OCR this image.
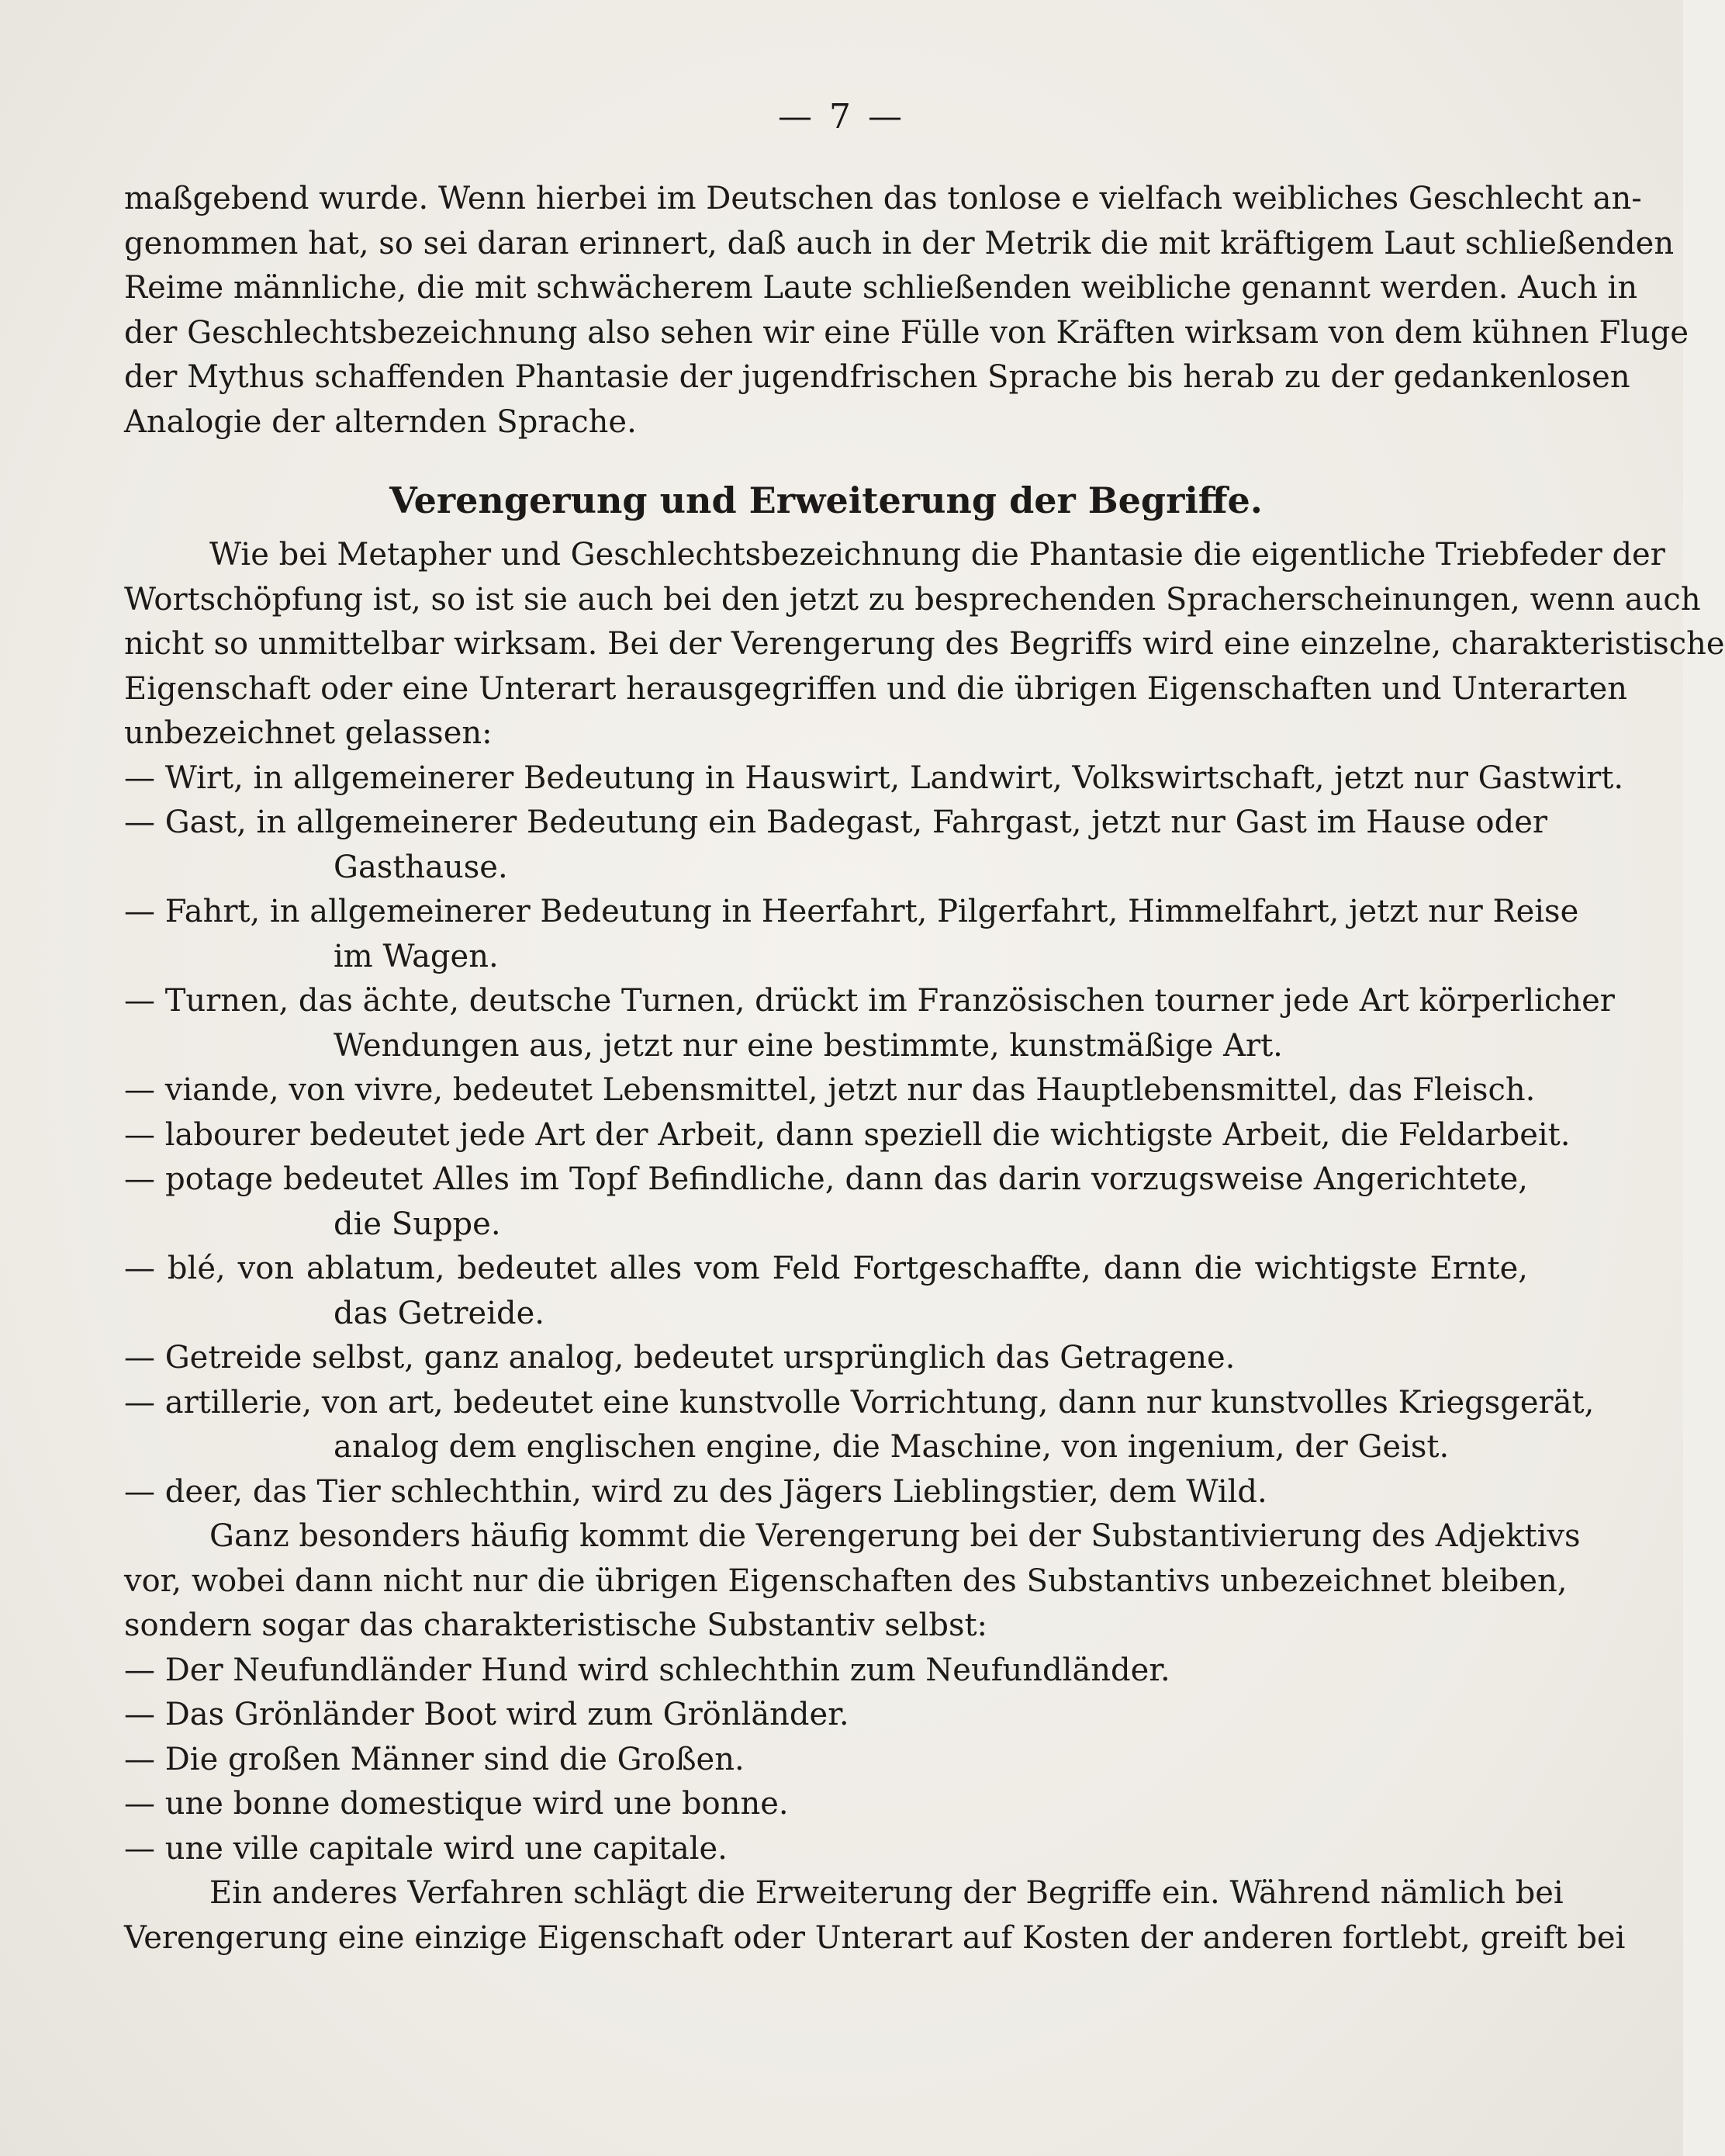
— 7 —
maßgebend wurde. Wenn hierbei im Deutschen das tonlose e vielfach weibliches Geschlecht an-
genommen hat, so sei daran erinnert, daß auch in der Metrik die mit kräftigem Laut schließenden
Reime männliche, die mit schwächerem Laute schließenden weibliche genannt werden. Auch in
der Geschlechtsbezeichnung also sehen wir eine Fülle von Kräften wirksam von dem kühnen Fluge
der Mythus schaffenden Phantasie der jugendfrischen Sprache bis herab zu der gedankenlosen
Analogie der alternden Sprache.
Verengerung und Erweiterung der Begriffe.
Wie bei Metapher und Geschlechtsbezeichnung die Phantasie die eigentliche Triebfeder der
Wortschöpfung ist, so ist sie auch bei den jetzt zu besprechenden Spracherscheinungen, wenn auch
nicht so unmittelbar wirksam. Bei der Verengerung des Begriffs wird eine einzelne, charakteristische
Eigenschaft oder eine Unterart herausgegriffen und die übrigen Eigenschaften und Unterarten
unbezeichnet gelassen:
— Wirt, in allgemeinerer Bedeutung in Hauswirt, Landwirt, Volkswirtschaft, jetzt nur Gastwirt.
— Gast, in allgemeinerer Bedeutung ein Badegast, Fahrgast, jetzt nur Gast im Hause oder
Gasthause.
— Fahrt, in allgemeinerer Bedeutung in Heerfahrt, Pilgerfahrt, Himmelfahrt, jetzt nur Reise
im Wagen.
— Turnen, das ächte, deutsche Turnen, drückt im Französischen tourner jede Art körperlicher
Wendungen aus, jetzt nur eine bestimmte, kunstmäßige Art.
— viande, von vivre, bedeutet Lebensmittel, jetzt nur das Hauptlebensmittel, das Fleisch.
— labourer bedeutet jede Art der Arbeit, dann speziell die wichtigste Arbeit, die Feldarbeit.
— potage bedeutet Alles im Topf Befindliche, dann das darin vorzugsweise Angerichtete,
die Suppe.
— blé, von ablatum, bedeutet alles vom Feld Fortgeschaffte, dann die wichtigste Ernte,
das Getreide.
— Getreide selbst, ganz analog, bedeutet ursprünglich das Getragene.
— artillerie, von art, bedeutet eine kunstvolle Vorrichtung, dann nur kunstvolles Kriegsgerät,
analog dem englischen engine, die Maschine, von ingenium, der Geist.
— deer, das Tier schlechthin, wird zu des Jägers Lieblingstier, dem Wild.
Ganz besonders häufig kommt die Verengerung bei der Substantivierung des Adjektivs
vor, wobei dann nicht nur die übrigen Eigenschaften des Substantivs unbezeichnet bleiben,
sondern sogar das charakteristische Substantiv selbst:
— Der Neufundländer Hund wird schlechthin zum Neufundländer.
— Das Grönländer Boot wird zum Grönländer.
— Die großen Männer sind die Großen.
— une bonne domestique wird une bonne.
— une ville capitale wird une capitale.
Ein anderes Verfahren schlägt die Erweiterung der Begriffe ein. Während nämlich bei
Verengerung eine einzige Eigenschaft oder Unterart auf Kosten der anderen fortlebt, greift bei
